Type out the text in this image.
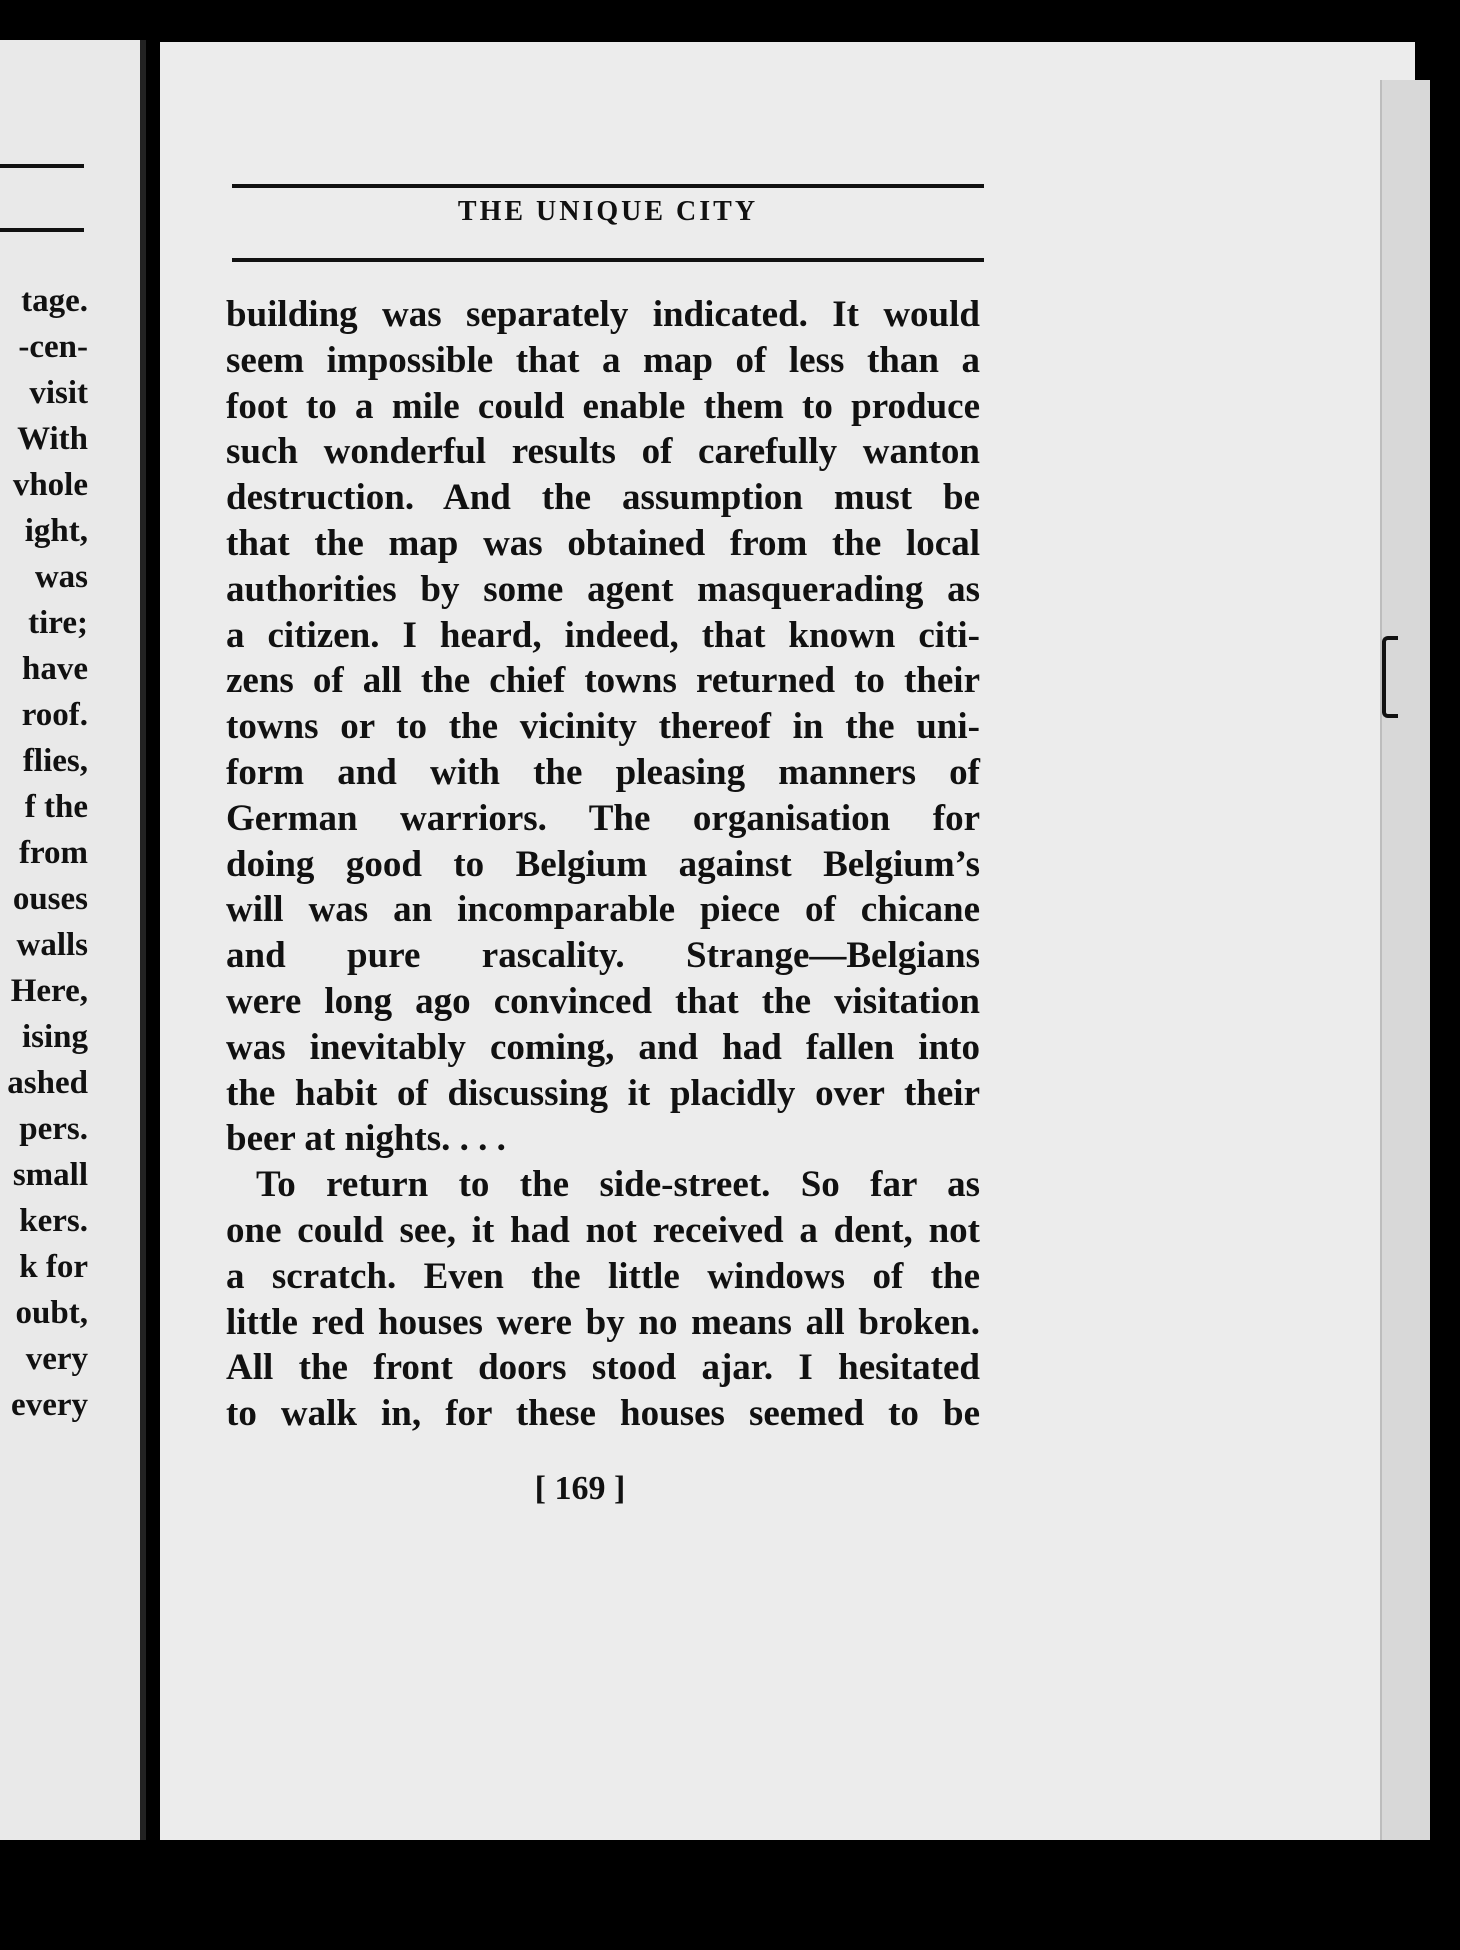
tage.
-cen-
visit
With
vhole
ight,
was
tire;
have
roof.
flies,
f the
from
ouses
walls
Here,
ising
ashed
pers.
small
kers.
k for
oubt,
very
every
THE UNIQUE CITY
building was separately indicated. It would
seem impossible that a map of less than a
foot to a mile could enable them to produce
such wonderful results of carefully wanton
destruction. And the assumption must be
that the map was obtained from the local
authorities by some agent masquerading as
a citizen. I heard, indeed, that known citi-
zens of all the chief towns returned to their
towns or to the vicinity thereof in the uni-
form and with the pleasing manners of
German warriors. The organisation for
doing good to Belgium against Belgium’s
will was an incomparable piece of chicane
and pure rascality. Strange—Belgians
were long ago convinced that the visitation
was inevitably coming, and had fallen into
the habit of discussing it placidly over their
beer at nights. . . .
To return to the side-street. So far as
one could see, it had not received a dent, not
a scratch. Even the little windows of the
little red houses were by no means all broken.
All the front doors stood ajar. I hesitated
to walk in, for these houses seemed to be
[ 169 ]
